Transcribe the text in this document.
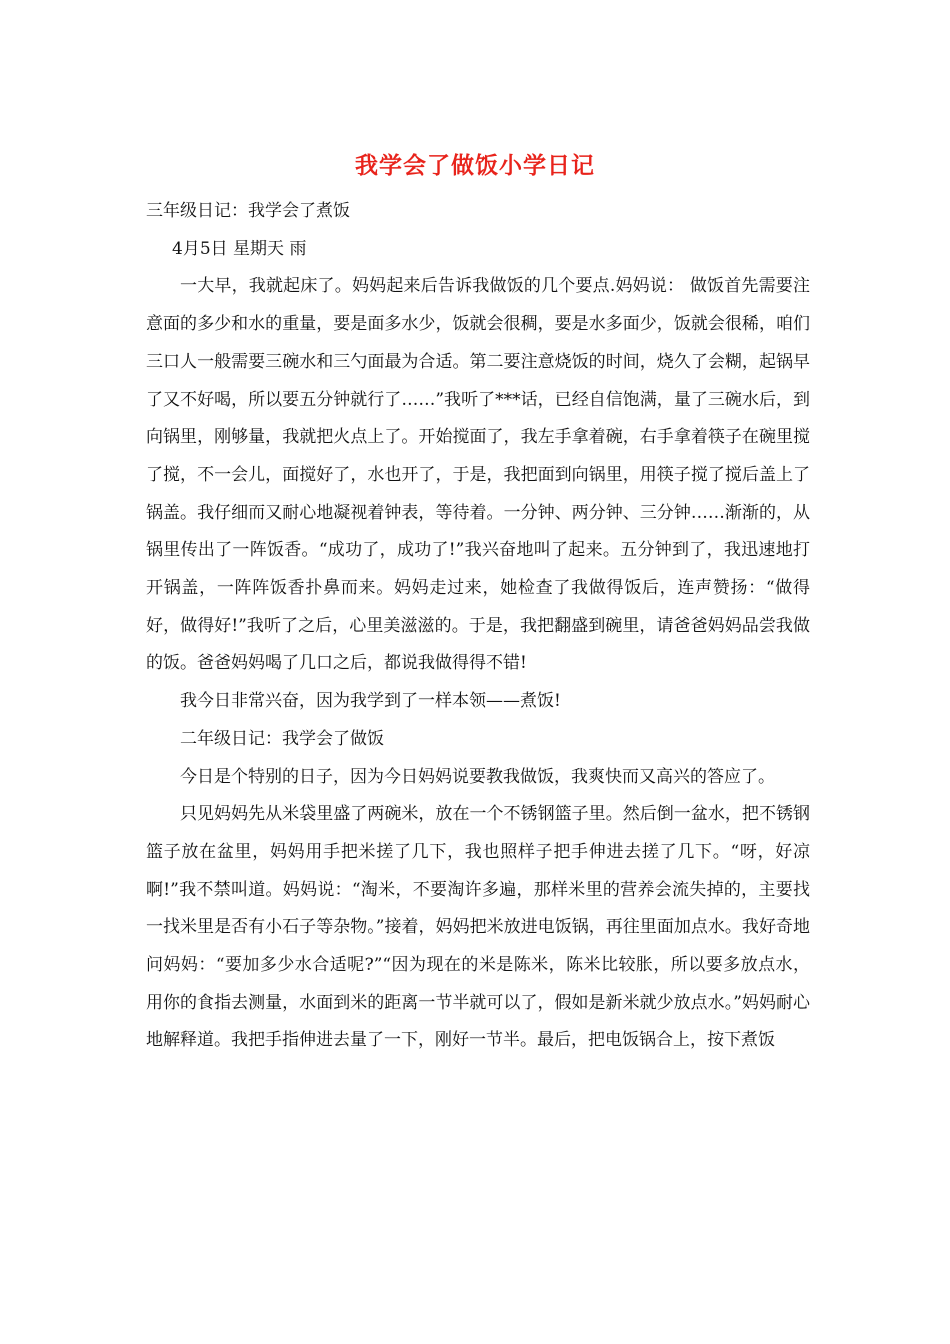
我学会了做饭小学日记

三年级日记：我学会了煮饭

4月5日 星期天 雨

一大早，我就起床了。妈妈起来后告诉我做饭的几个要点.妈妈说： 做饭首先需要注意面的多少和水的重量，要是面多水少，饭就会很稠，要是水多面少，饭就会很稀，咱们三口人一般需要三碗水和三勺面最为合适。第二要注意烧饭的时间，烧久了会糊，起锅早了又不好喝，所以要五分钟就行了……”我听了***话，已经自信饱满，量了三碗水后，到向锅里，刚够量，我就把火点上了。开始搅面了，我左手拿着碗，右手拿着筷子在碗里搅了搅，不一会儿，面搅好了，水也开了，于是，我把面到向锅里，用筷子搅了搅后盖上了锅盖。我仔细而又耐心地凝视着钟表，等待着。一分钟、两分钟、三分钟……渐渐的，从锅里传出了一阵饭香。“成功了，成功了!”我兴奋地叫了起来。五分钟到了，我迅速地打开锅盖，一阵阵饭香扑鼻而来。妈妈走过来，她检查了我做得饭后，连声赞扬：“做得好，做得好!”我听了之后，心里美滋滋的。于是，我把翻盛到碗里，请爸爸妈妈品尝我做的饭。爸爸妈妈喝了几口之后，都说我做得得不错!

我今日非常兴奋，因为我学到了一样本领——煮饭!

二年级日记：我学会了做饭

今日是个特别的日子，因为今日妈妈说要教我做饭，我爽快而又高兴的答应了。

只见妈妈先从米袋里盛了两碗米，放在一个不锈钢篮子里。然后倒一盆水，把不锈钢篮子放在盆里，妈妈用手把米搓了几下，我也照样子把手伸进去搓了几下。“呀，好凉啊!”我不禁叫道。妈妈说：“淘米，不要淘许多遍，那样米里的营养会流失掉的，主要找一找米里是否有小石子等杂物。”接着，妈妈把米放进电饭锅，再往里面加点水。我好奇地问妈妈：“要加多少水合适呢?”“因为现在的米是陈米，陈米比较胀，所以要多放点水，用你的食指去测量，水面到米的距离一节半就可以了，假如是新米就少放点水。”妈妈耐心地解释道。我把手指伸进去量了一下，刚好一节半。最后，把电饭锅合上，按下煮饭
